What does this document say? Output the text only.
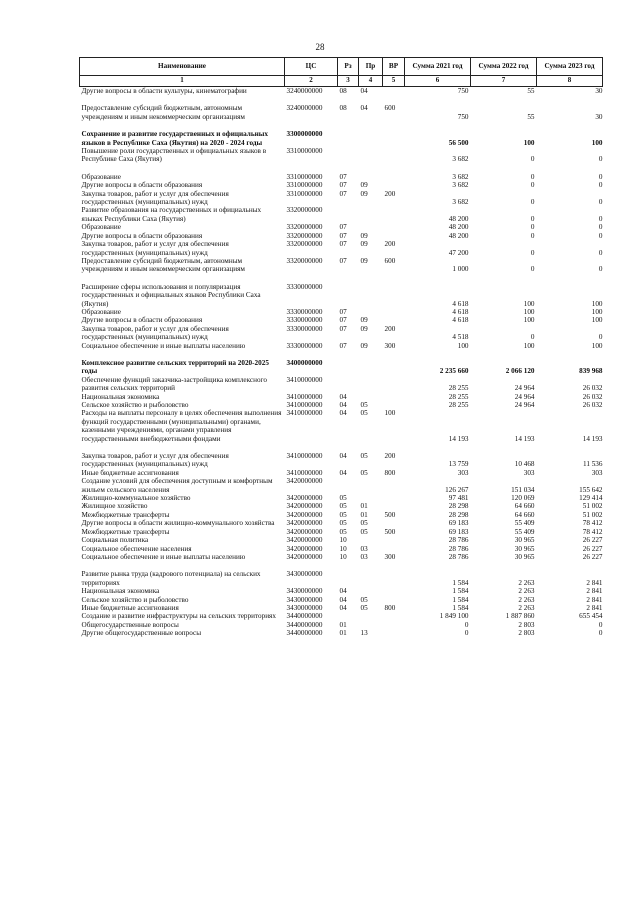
28
Наименование	ЦС	Рз	Пр	ВР	Сумма 2021 год	Сумма 2022 год	Сумма 2023 год
1	2	3	4	5	6	7	8
Другие вопросы в области культуры, кинематографии	3240000000	08	04		750	55	30
Предоставление субсидий бюджетным, автономным учреждениям и иным некоммерческим организациям	3240000000	08	04	600	750	55	30
Сохранение и развитие государственных и официальных языков в Республике Саха (Якутия) на 2020 - 2024 годы	3300000000				56 500	100	100
Повышение роли государственных и официальных языков в Республике Саха (Якутия)	3310000000				3 682	0	0
Образование	3310000000	07			3 682	0	0
Другие вопросы в области образования	3310000000	07	09		3 682	0	0
Закупка товаров, работ и услуг для обеспечения государственных (муниципальных) нужд	3310000000	07	09	200	3 682	0	0
Развитие образования на государственных и официальных языках Республики Саха (Якутия)	3320000000				48 200	0	0
Образование	3320000000	07			48 200	0	0
Другие вопросы в области образования	3320000000	07	09		48 200	0	0
Закупка товаров, работ и услуг для обеспечения государственных (муниципальных) нужд	3320000000	07	09	200	47 200	0	0
Предоставление субсидий бюджетным, автономным учреждениям и иным некоммерческим организациям	3320000000	07	09	600	1 000	0	0
Расширение сферы использования и популяризация государственных и официальных языков Республики Саха (Якутия)	3330000000				4 618	100	100
Образование	3330000000	07			4 618	100	100
Другие вопросы в области образования	3330000000	07	09		4 618	100	100
Закупка товаров, работ и услуг для обеспечения государственных (муниципальных) нужд	3330000000	07	09	200	4 518	0	0
Социальное обеспечение и иные выплаты населению	3330000000	07	09	300	100	100	100
Комплексное развитие сельских территорий на 2020-2025 годы	3400000000				2 235 660	2 066 120	839 968
Обеспечение функций заказчика-застройщика комплексного развития сельских территорий	3410000000				28 255	24 964	26 032
Национальная экономика	3410000000	04			28 255	24 964	26 032
Сельское хозяйство и рыболовство	3410000000	04	05		28 255	24 964	26 032
Расходы на выплаты персоналу в целях обеспечения выполнения функций государственными (муниципальными) органами, казенными учреждениями, органами управления государственными внебюджетными фондами	3410000000	04	05	100	14 193	14 193	14 193
Закупка товаров, работ и услуг для обеспечения государственных (муниципальных) нужд	3410000000	04	05	200	13 759	10 468	11 536
Иные бюджетные ассигнования	3410000000	04	05	800	303	303	303
Создание условий для обеспечения доступным и комфортным жильем сельского населения	3420000000				126 267	151 034	155 642
Жилищно-коммунальное хозяйство	3420000000	05			97 481	120 069	129 414
Жилищное хозяйство	3420000000	05	01		28 298	64 660	51 002
Межбюджетные трансферты	3420000000	05	01	500	28 298	64 660	51 002
Другие вопросы в области жилищно-коммунального хозяйства	3420000000	05	05		69 183	55 409	78 412
Межбюджетные трансферты	3420000000	05	05	500	69 183	55 409	78 412
Социальная политика	3420000000	10			28 786	30 965	26 227
Социальное обеспечение населения	3420000000	10	03		28 786	30 965	26 227
Социальное обеспечение и иные выплаты населению	3420000000	10	03	300	28 786	30 965	26 227
Развитие рынка труда (кадрового потенциала) на сельских территориях	3430000000				1 584	2 263	2 841
Национальная экономика	3430000000	04			1 584	2 263	2 841
Сельское хозяйство и рыболовство	3430000000	04	05		1 584	2 263	2 841
Иные бюджетные ассигнования	3430000000	04	05	800	1 584	2 263	2 841
Создание и развитие инфраструктуры на сельских территориях	3440000000				1 849 100	1 887 860	655 454
Общегосударственные вопросы	3440000000	01			0	2 803	0
Другие общегосударственные вопросы	3440000000	01	13		0	2 803	0
